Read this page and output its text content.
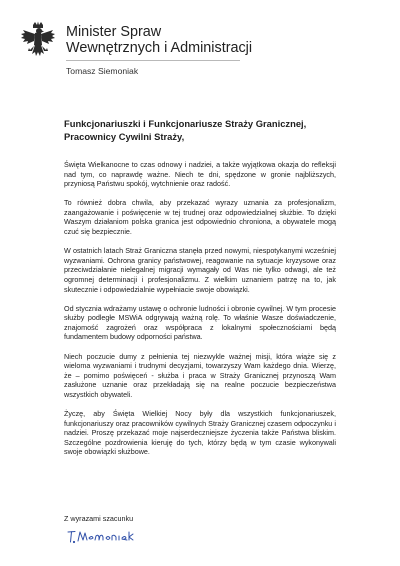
Minister Spraw
Wewnętrznych i Administracji
Tomasz Siemoniak
Funkcjonariuszki i Funkcjonariusze Straży Granicznej,
Pracownicy Cywilni Straży,

Święta Wielkanocne to czas odnowy i nadziei, a także wyjątkowa okazja do refleksji nad tym, co naprawdę ważne. Niech te dni, spędzone w gronie najbliższych, przyniosą Państwu spokój, wytchnienie oraz radość.

To również dobra chwila, aby przekazać wyrazy uznania za profesjonalizm, zaangażowanie i poświęcenie w tej trudnej oraz odpowiedzialnej służbie. To dzięki Waszym działaniom polska granica jest odpowiednio chroniona, a obywatele mogą czuć się bezpiecznie.

W ostatnich latach Straż Graniczna stanęła przed nowymi, niespotykanymi wcześniej wyzwaniami. Ochrona granicy państwowej, reagowanie na sytuacje kryzysowe oraz przeciwdziałanie nielegalnej migracji wymagały od Was nie tylko odwagi, ale też ogromnej determinacji i profesjonalizmu. Z wielkim uznaniem patrzę na to, jak skutecznie i odpowiedzialnie wypełniacie swoje obowiązki.

Od stycznia wdrażamy ustawę o ochronie ludności i obronie cywilnej. W tym procesie służby podległe MSWiA odgrywają ważną rolę. To właśnie Wasze doświadczenie, znajomość zagrożeń oraz współpraca z lokalnymi społecznościami będą fundamentem budowy odporności państwa.

Niech poczucie dumy z pełnienia tej niezwykle ważnej misji, która wiąże się z wieloma wyzwaniami i trudnymi decyzjami, towarzyszy Wam każdego dnia. Wierzę, że – pomimo poświęceń - służba i praca w Straży Granicznej przynoszą Wam zasłużone uznanie oraz przekładają się na realne poczucie bezpieczeństwa wszystkich obywateli.

Życzę, aby Święta Wielkiej Nocy były dla wszystkich funkcjonariuszek, funkcjonariuszy oraz pracowników cywilnych Straży Granicznej czasem odpoczynku i nadziei. Proszę przekazać moje najserdeczniejsze życzenia także Państwa bliskim. Szczególne pozdrowienia kieruję do tych, którzy będą w tym czasie wykonywali swoje obowiązki służbowe.

Z wyrazami szacunku
